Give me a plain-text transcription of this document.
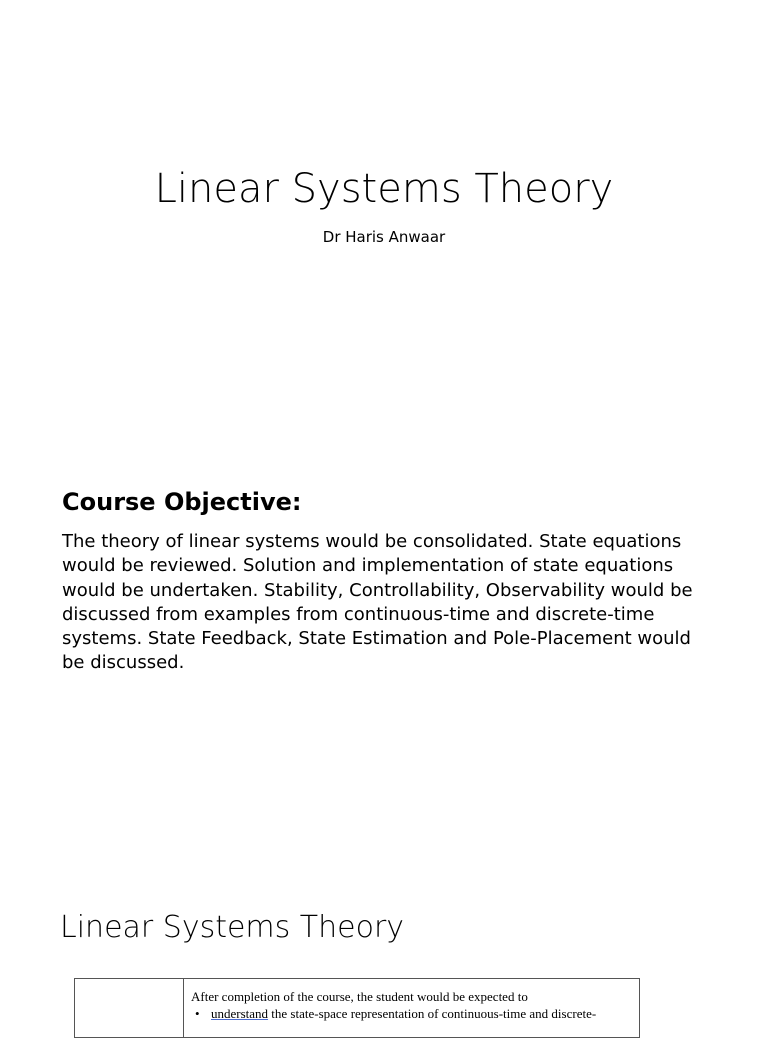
Linear Systems Theory

Dr Haris Anwaar

Course Objective:

The theory of linear systems would be consolidated. State equations would be reviewed. Solution and implementation of state equations would be undertaken. Stability, Controllability, Observability would be discussed from examples from continuous-time and discrete-time systems. State Feedback, State Estimation and Pole-Placement would be discussed.

Linear Systems Theory
After completion of the course, the student would be expected to
• understand the state-space representation of continuous-time and discrete-
